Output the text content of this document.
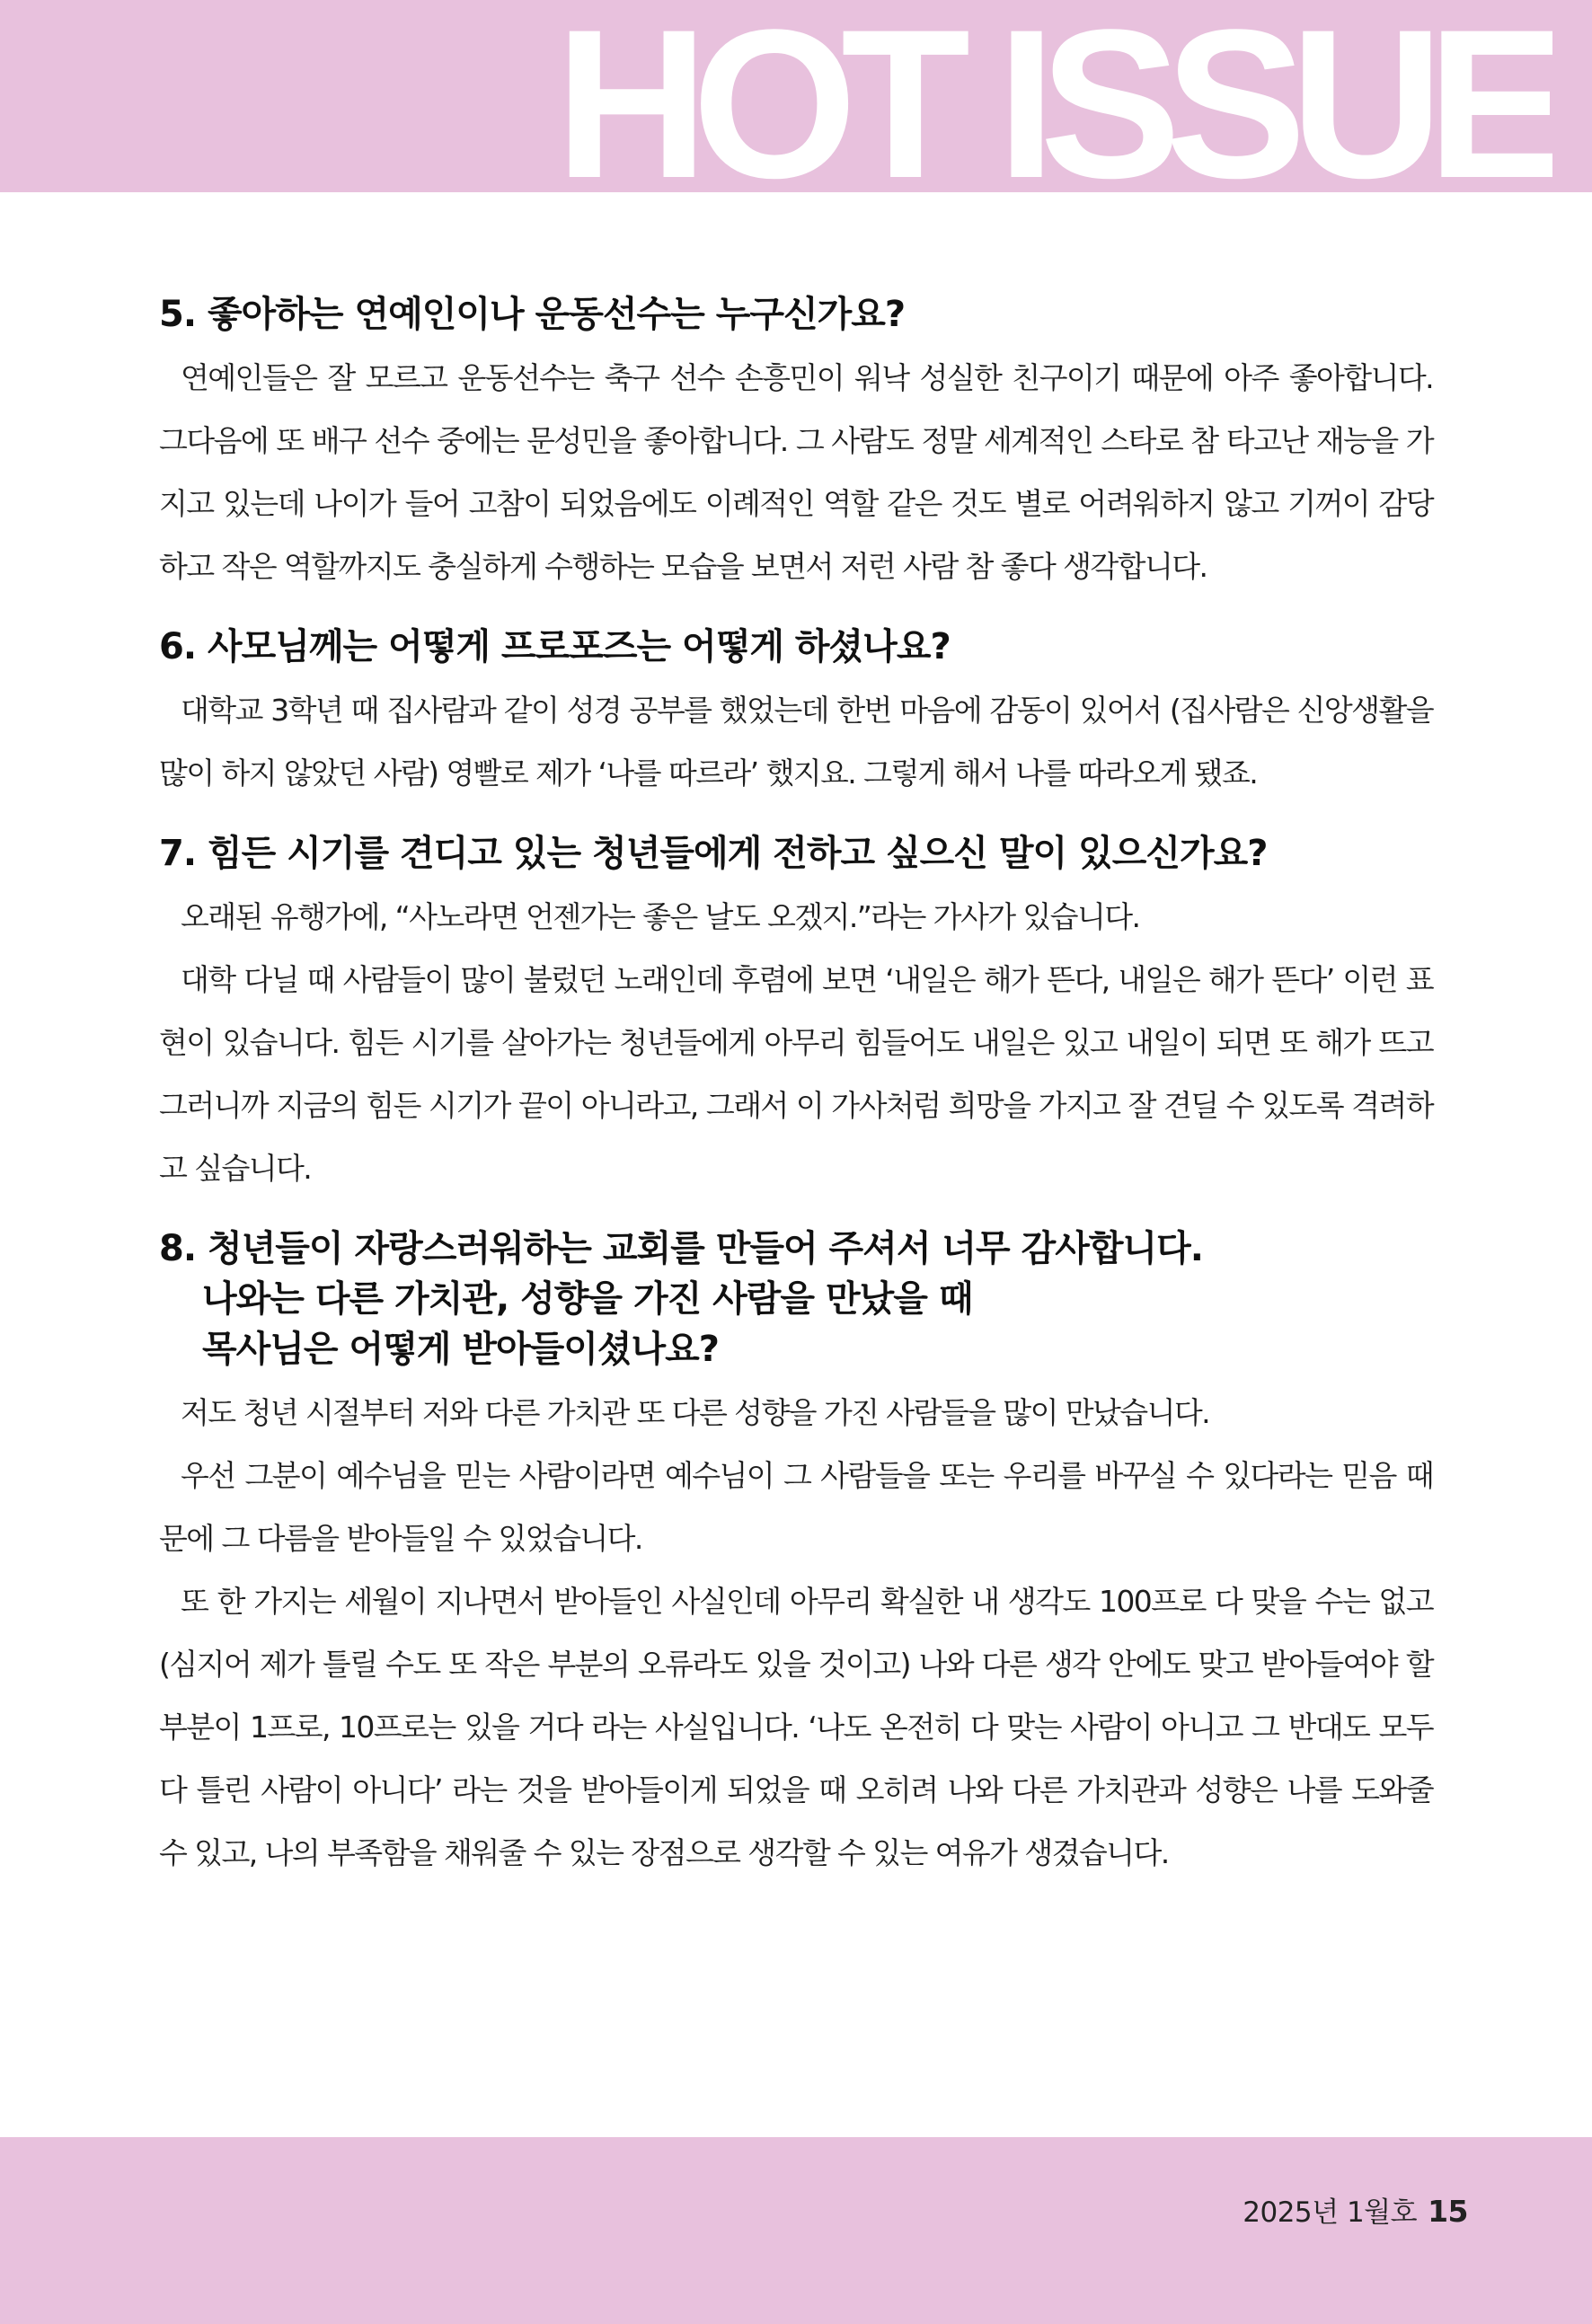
HOT ISSUE
5. 좋아하는 연예인이나 운동선수는 누구신가요?

연예인들은 잘 모르고 운동선수는 축구 선수 손흥민이 워낙 성실한 친구이기 때문에 아주 좋아합니다. 그다음에 또 배구 선수 중에는 문성민을 좋아합니다. 그 사람도 정말 세계적인 스타로 참 타고난 재능을 가지고 있는데 나이가 들어 고참이 되었음에도 이례적인 역할 같은 것도 별로 어려워하지 않고 기꺼이 감당하고 작은 역할까지도 충실하게 수행하는 모습을 보면서 저런 사람 참 좋다 생각합니다.

6. 사모님께는 어떻게 프로포즈는 어떻게 하셨나요?

대학교 3학년 때 집사람과 같이 성경 공부를 했었는데 한번 마음에 감동이 있어서 (집사람은 신앙생활을 많이 하지 않았던 사람) 영빨로 제가 ‘나를 따르라’ 했지요. 그렇게 해서 나를 따라오게 됐죠.

7. 힘든 시기를 견디고 있는 청년들에게 전하고 싶으신 말이 있으신가요?

오래된 유행가에, “사노라면 언젠가는 좋은 날도 오겠지.”라는 가사가 있습니다.

대학 다닐 때 사람들이 많이 불렀던 노래인데 후렴에 보면 ‘내일은 해가 뜬다, 내일은 해가 뜬다’ 이런 표현이 있습니다. 힘든 시기를 살아가는 청년들에게 아무리 힘들어도 내일은 있고 내일이 되면 또 해가 뜨고 그러니까 지금의 힘든 시기가 끝이 아니라고, 그래서 이 가사처럼 희망을 가지고 잘 견딜 수 있도록 격려하고 싶습니다.

8. 청년들이 자랑스러워하는 교회를 만들어 주셔서 너무 감사합니다.
나와는 다른 가치관, 성향을 가진 사람을 만났을 때
목사님은 어떻게 받아들이셨나요?

저도 청년 시절부터 저와 다른 가치관 또 다른 성향을 가진 사람들을 많이 만났습니다.

우선 그분이 예수님을 믿는 사람이라면 예수님이 그 사람들을 또는 우리를 바꾸실 수 있다라는 믿음 때문에 그 다름을 받아들일 수 있었습니다.

또 한 가지는 세월이 지나면서 받아들인 사실인데 아무리 확실한 내 생각도 100프로 다 맞을 수는 없고 (심지어 제가 틀릴 수도 또 작은 부분의 오류라도 있을 것이고) 나와 다른 생각 안에도 맞고 받아들여야 할 부분이 1프로, 10프로는 있을 거다 라는 사실입니다. ‘나도 온전히 다 맞는 사람이 아니고 그 반대도 모두 다 틀린 사람이 아니다’ 라는 것을 받아들이게 되었을 때 오히려 나와 다른 가치관과 성향은 나를 도와줄 수 있고, 나의 부족함을 채워줄 수 있는 장점으로 생각할 수 있는 여유가 생겼습니다.

2025년 1월호 15
